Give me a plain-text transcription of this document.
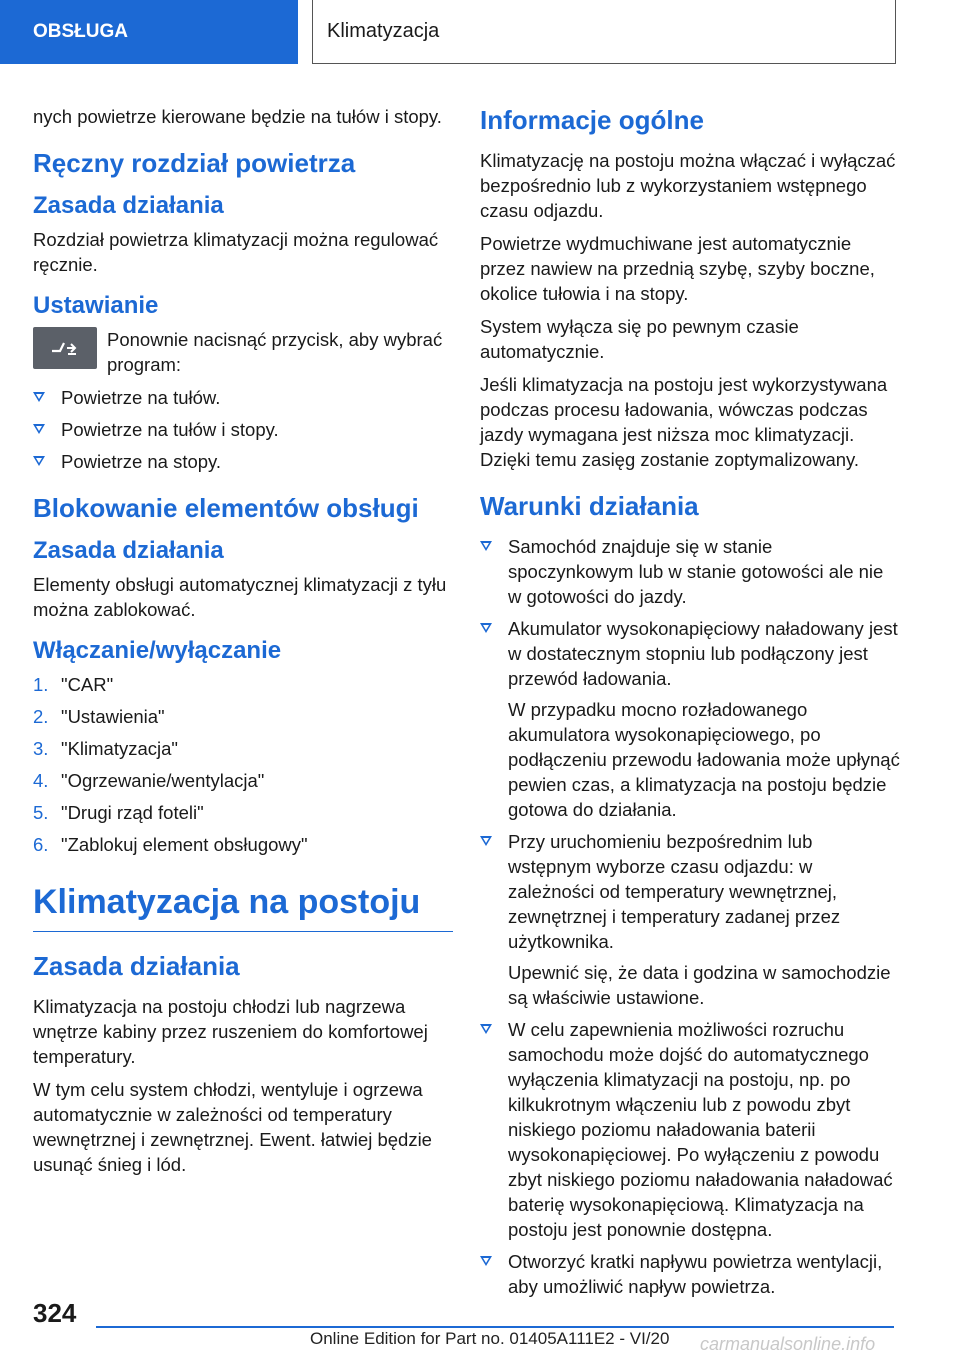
OBSŁUGA	Klimatyzacja

nych powietrze kierowane będzie na tułów i stopy.

Ręczny rozdział powietrza
Zasada działania

Rozdział powietrza klimatyzacji można regulować ręcznie.

Ustawianie
Ponownie nacisnąć przycisk, aby wybrać program:
Powietrze na tułów.
Powietrze na tułów i stopy.
Powietrze na stopy.
Blokowanie elementów obsługi
Zasada działania

Elementy obsługi automatycznej klimatyzacji z tyłu można zablokować.

Włączanie/wyłączanie
1. "CAR"
2. "Ustawienia"
3. "Klimatyzacja"
4. "Ogrzewanie/wentylacja"
5. "Drugi rząd foteli"
6. "Zablokuj element obsługowy"
Klimatyzacja na postoju
Zasada działania

Klimatyzacja na postoju chłodzi lub nagrzewa wnętrze kabiny przez ruszeniem do komfortowej temperatury.

W tym celu system chłodzi, wentyluje i ogrzewa automatycznie w zależności od temperatury wewnętrznej i zewnętrznej. Ewent. łatwiej będzie usunąć śnieg i lód.

Informacje ogólne

Klimatyzację na postoju można włączać i wyłączać bezpośrednio lub z wykorzystaniem wstępnego czasu odjazdu.

Powietrze wydmuchiwane jest automatycznie przez nawiew na przednią szybę, szyby boczne, okolice tułowia i na stopy.

System wyłącza się po pewnym czasie automatycznie.

Jeśli klimatyzacja na postoju jest wykorzystywana podczas procesu ładowania, wówczas podczas jazdy wymagana jest niższa moc klimatyzacji. Dzięki temu zasięg zostanie zoptymalizowany.

Warunki działania
Samochód znajduje się w stanie spoczynkowym lub w stanie gotowości ale nie w gotowości do jazdy.
Akumulator wysokonapięciowy naładowany jest w dostatecznym stopniu lub podłączony jest przewód ładowania.

W przypadku mocno rozładowanego akumulatora wysokonapięciowego, po podłączeniu przewodu ładowania może upłynąć pewien czas, a klimatyzacja na postoju będzie gotowa do działania.

Przy uruchomieniu bezpośrednim lub wstępnym wyborze czasu odjazdu: w zależności od temperatury wewnętrznej, zewnętrznej i temperatury zadanej przez użytkownika.

Upewnić się, że data i godzina w samochodzie są właściwie ustawione.

W celu zapewnienia możliwości rozruchu samochodu może dojść do automatycznego wyłączenia klimatyzacji na postoju, np. po kilkukrotnym włączeniu lub z powodu zbyt niskiego poziomu naładowania baterii wysokonapięciowej. Po wyłączeniu z powodu zbyt niskiego poziomu naładowania naładować baterię wysokonapięciową. Klimatyzacja na postoju jest ponownie dostępna.
Otworzyć kratki napływu powietrza wentylacji, aby umożliwić napływ powietrza.
324
Online Edition for Part no. 01405A111E2 - VI/20 carmanualsonline.info
